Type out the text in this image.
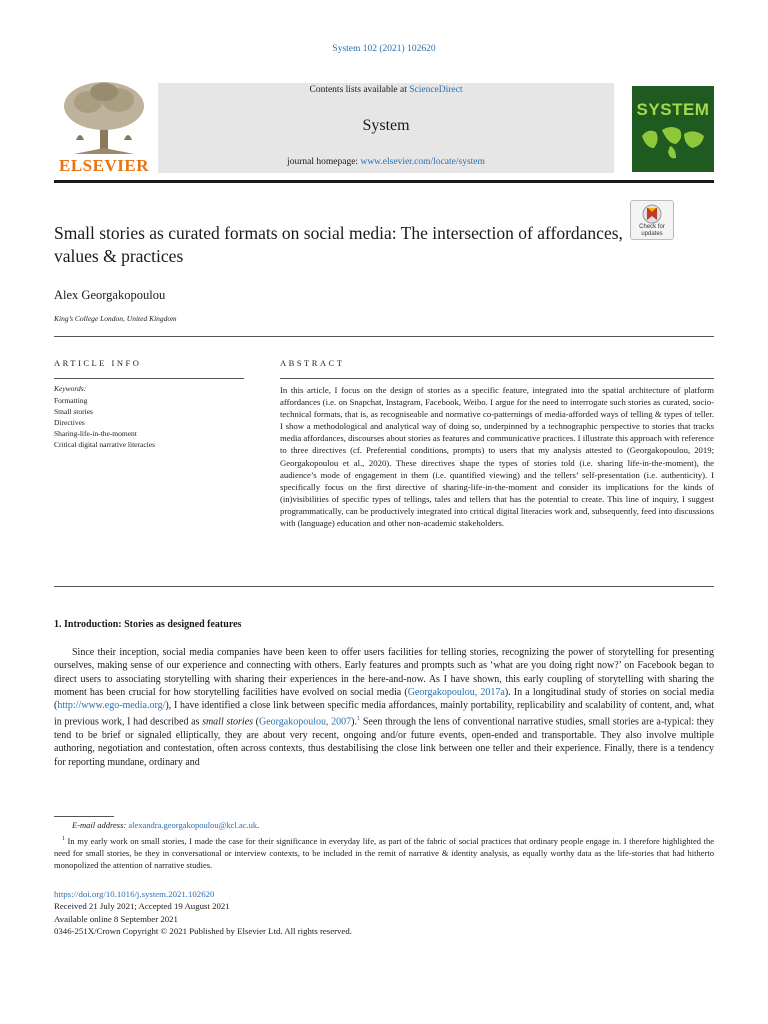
System 102 (2021) 102620
ELSEVIER
Contents lists available at ScienceDirect
System
journal homepage: www.elsevier.com/locate/system
SYSTEM
Check for updates
Small stories as curated formats on social media: The intersection of affordances, values & practices
Alex Georgakopoulou
King’s College London, United Kingdom
ARTICLE INFO	ABSTRACT
Keywords:
Formatting
Small stories
Directives
Sharing-life-in-the-moment
Critical digital narrative literacies

In this article, I focus on the design of stories as a specific feature, integrated into the spatial architecture of platform affordances (i.e. on Snapchat, Instagram, Facebook, Weibo. I argue for the need to interrogate such stories as curated, socio-technical formats, that is, as recogniseable and normative co-patternings of media-afforded ways of telling & types of teller. I show a methodological and analytical way of doing so, underpinned by a technographic perspective to stories that tracks media affordances, discourses about stories as features and communicative practices. I illustrate this approach with reference to three directives (cf. Preferential conditions, prompts) to users that my analysis attested to (Georgakopoulou, 2019; Georgakopoulou et al., 2020). These directives shape the types of stories told (i.e. sharing life-in-the-moment), the audience’s mode of engagement in them (i.e. quantified viewing) and the tellers’ self-presentation (i.e. authenticity). I specifically focus on the first directive of sharing-life-in-the-moment and consider its implications for the kinds of (in)visibilities of specific types of tellings, tales and tellers that has the potential to create. This line of inquiry, I suggest programmatically, can be productively integrated into critical digital literacies work and, subsequently, feed into discussions with (language) education and other non-academic stakeholders.

1. Introduction: Stories as designed features

Since their inception, social media companies have been keen to offer users facilities for telling stories, recognizing the power of storytelling for presenting ourselves, making sense of our experience and connecting with others. Early features and prompts such as ‘what are you doing right now?’ on Facebook began to direct users to associating storytelling with sharing their experiences in the here-and-now. As I have shown, this early coupling of storytelling with sharing the moment has been crucial for how storytelling facilities have evolved on social media (Georgakopoulou, 2017a). In a longitudinal study of stories on social media (http://www.ego-media.org/), I have identified a close link between specific media affordances, mainly portability, replicability and scalability of content, and, what in previous work, I had described as small stories (Georgakopoulou, 2007).$^1$ Seen through the lens of conventional narrative studies, small stories are a-typical: they tend to be brief or signaled elliptically, they are about very recent, ongoing and/or future events, open-ended and transportable. They also involve multiple authoring, negotiation and contestation, often across contexts, thus destabilising the close link between one teller and their experience. Finally, there is a tendency for reporting mundane, ordinary and

E-mail address: alexandra.georgakopoulou@kcl.ac.uk.

$^1$ In my early work on small stories, I made the case for their significance in everyday life, as part of the fabric of social practices that ordinary people engage in. I therefore highlighted the need for small stories, be they in conversational or interview contexts, to be included in the remit of narrative & identity analysis, as equally worthy data as the life-stories that had hitherto monopolized the attention of narrative studies.

https://doi.org/10.1016/j.system.2021.102620
Received 21 July 2021; Accepted 19 August 2021
Available online 8 September 2021
0346-251X/Crown Copyright © 2021 Published by Elsevier Ltd. All rights reserved.
